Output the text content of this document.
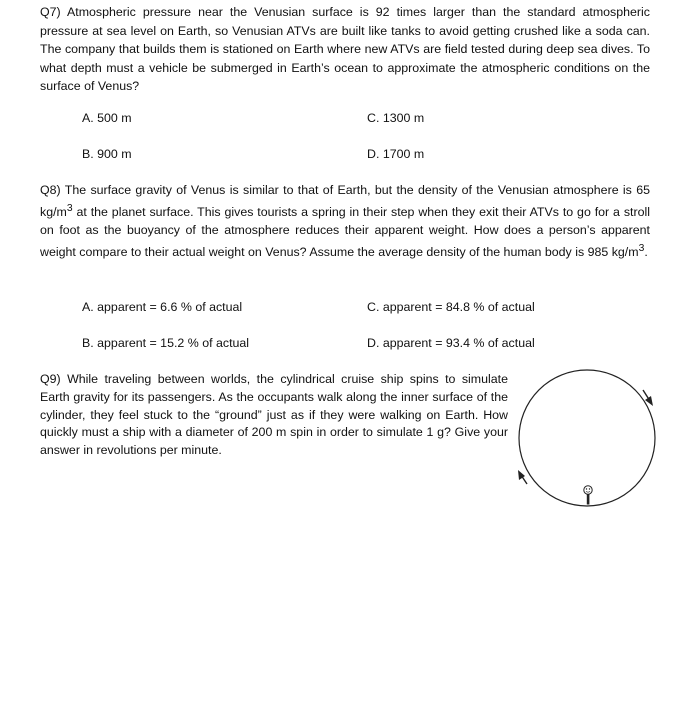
Q7) Atmospheric pressure near the Venusian surface is 92 times larger than the standard atmospheric pressure at sea level on Earth, so Venusian ATVs are built like tanks to avoid getting crushed like a soda can. The company that builds them is stationed on Earth where new ATVs are field tested during deep sea dives. To what depth must a vehicle be submerged in Earth’s ocean to approximate the atmospheric conditions on the surface of Venus?
A. 500 m	C. 1300 m
B. 900 m	D. 1700 m
Q8) The surface gravity of Venus is similar to that of Earth, but the density of the Venusian atmosphere is 65 $kg/m^3$ at the planet surface. This gives tourists a spring in their step when they exit their ATVs to go for a stroll on foot as the buoyancy of the atmosphere reduces their apparent weight. How does a person’s apparent weight compare to their actual weight on Venus? Assume the average density of the human body is 985 $kg/m^3$.
A. apparent = 6.6 % of actual	C. apparent = 84.8 % of actual
B. apparent = 15.2 % of actual	D. apparent = 93.4 % of actual
Q9) While traveling between worlds, the cylindrical cruise ship spins to simulate Earth gravity for its passengers. As the occupants walk along the inner surface of the cylinder, they feel stuck to the “ground” just as if they were walking on Earth. How quickly must a ship with a diameter of 200 m spin in order to simulate 1 g? Give your answer in revolutions per minute.
